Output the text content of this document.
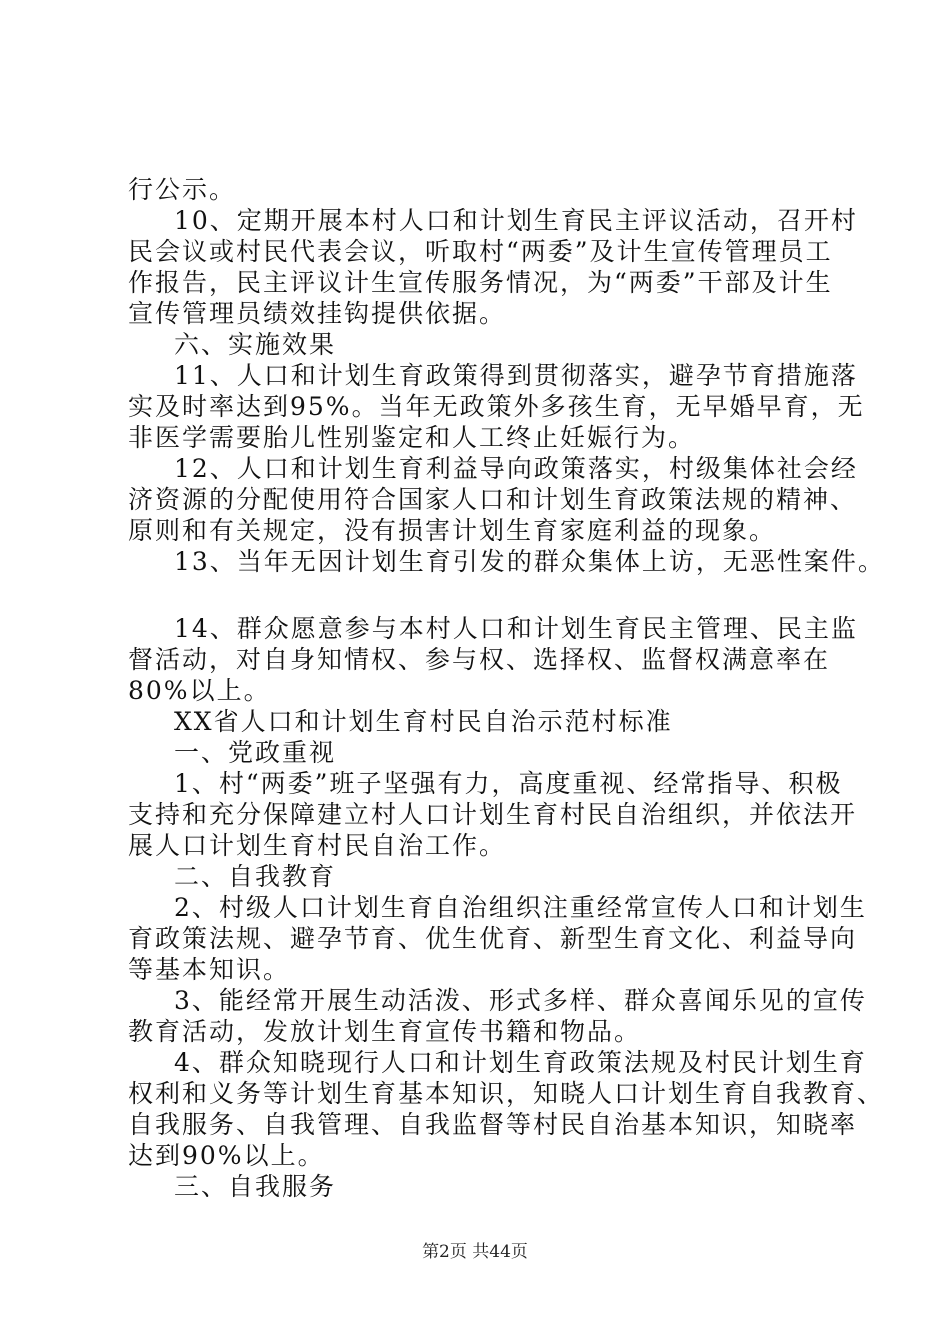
行公示。
10、定期开展本村人口和计划生育民主评议活动，召开村
民会议或村民代表会议，听取村“两委”及计生宣传管理员工
作报告，民主评议计生宣传服务情况，为“两委”干部及计生
宣传管理员绩效挂钩提供依据。
六、实施效果
11、人口和计划生育政策得到贯彻落实，避孕节育措施落
实及时率达到95%。当年无政策外多孩生育，无早婚早育，无
非医学需要胎儿性别鉴定和人工终止妊娠行为。
12、人口和计划生育利益导向政策落实，村级集体社会经
济资源的分配使用符合国家人口和计划生育政策法规的精神、
原则和有关规定，没有损害计划生育家庭利益的现象。
13、当年无因计划生育引发的群众集体上访，无恶性案件。
14、群众愿意参与本村人口和计划生育民主管理、民主监
督活动，对自身知情权、参与权、选择权、监督权满意率在
80%以上。
XX省人口和计划生育村民自治示范村标准
一、党政重视
1、村“两委”班子坚强有力，高度重视、经常指导、积极
支持和充分保障建立村人口计划生育村民自治组织，并依法开
展人口计划生育村民自治工作。
二、自我教育
2、村级人口计划生育自治组织注重经常宣传人口和计划生
育政策法规、避孕节育、优生优育、新型生育文化、利益导向
等基本知识。
3、能经常开展生动活泼、形式多样、群众喜闻乐见的宣传
教育活动，发放计划生育宣传书籍和物品。
4、群众知晓现行人口和计划生育政策法规及村民计划生育
权利和义务等计划生育基本知识，知晓人口计划生育自我教育、
自我服务、自我管理、自我监督等村民自治基本知识，知晓率
达到90%以上。
三、自我服务
第2页 共44页
